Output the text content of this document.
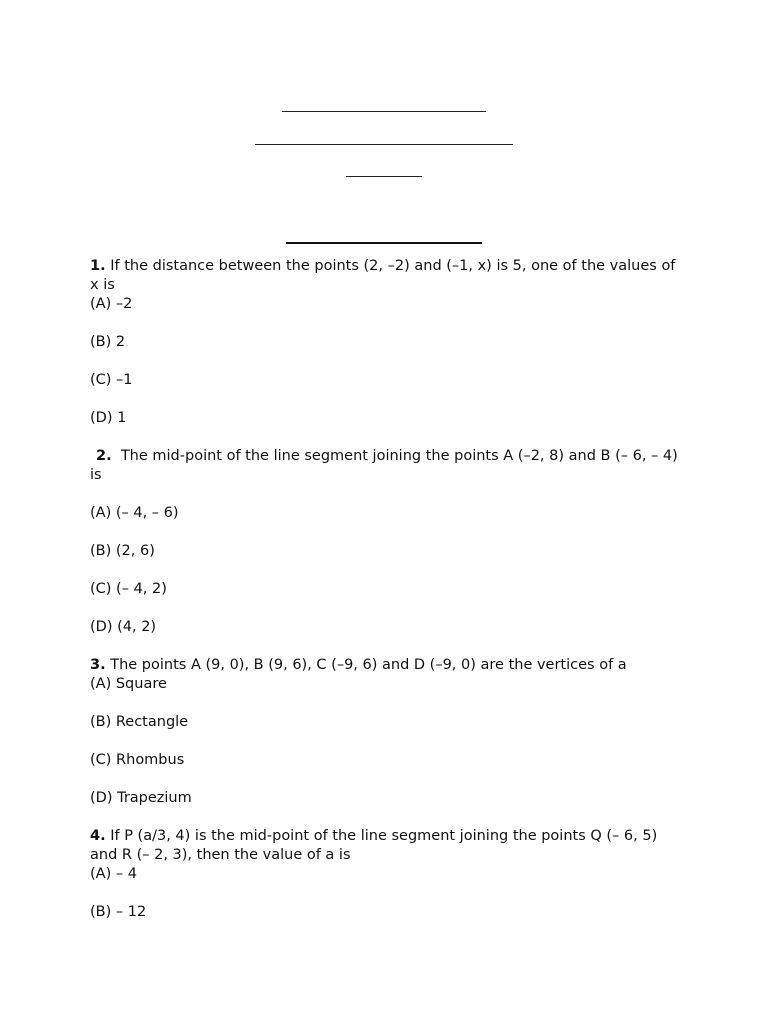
1. If the distance between the points (2, –2) and (–1, x) is 5, one of the values of x is

(A) –2

(B) 2

(C) –1

(D) 1

2. The mid-point of the line segment joining the points A (–2, 8) and B (– 6, – 4) is

(A) (– 4, – 6)

(B) (2, 6)

(C) (– 4, 2)

(D) (4, 2)

3. The points A (9, 0), B (9, 6), C (–9, 6) and D (–9, 0) are the vertices of a

(A) Square

(B) Rectangle

(C) Rhombus

(D) Trapezium

4. If P (a/3, 4) is the mid-point of the line segment joining the points Q (– 6, 5) and R (– 2, 3), then the value of a is

(A) – 4

(B) – 12
